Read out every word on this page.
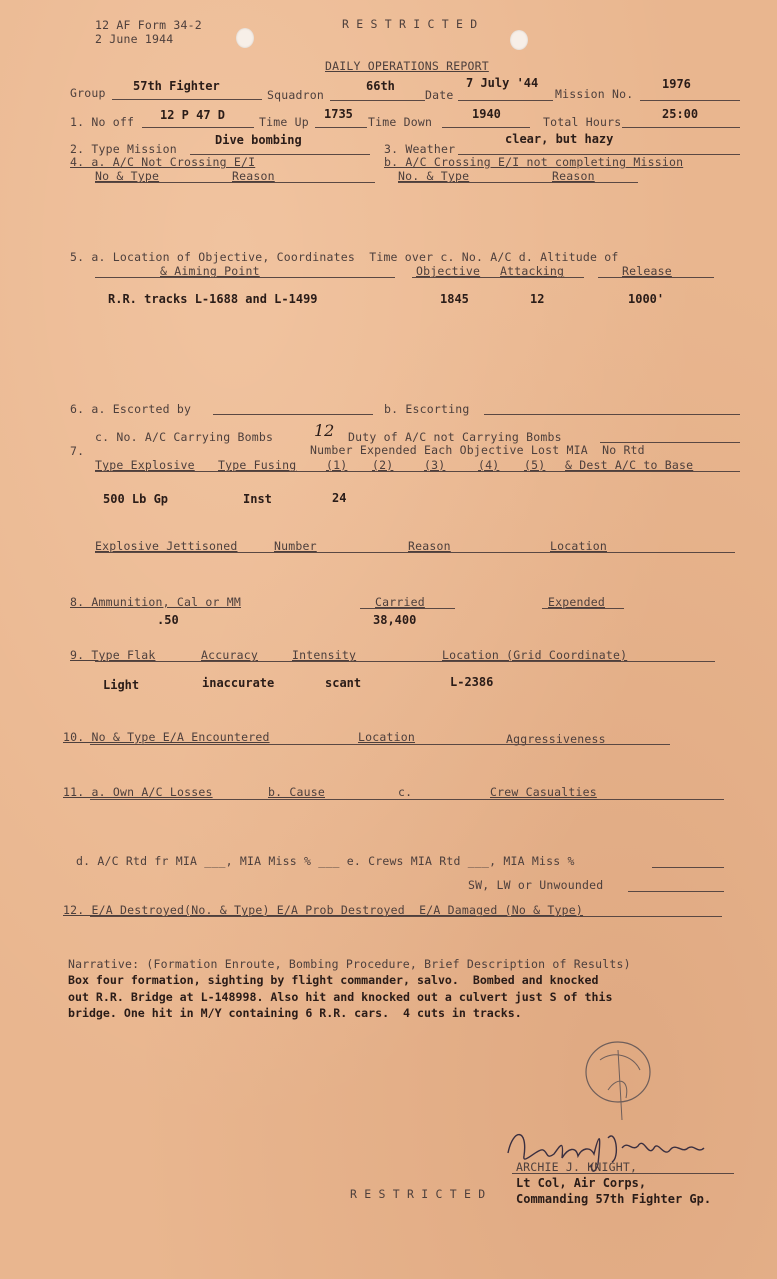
12 AF Form 34-2
2 June 1944
R E S T R I C T E D
DAILY OPERATIONS REPORT
Group 57th Fighter
Squadron
66th
Date
7 July '44
Mission No.
1976
1. No off 12 P 47 D	Time Up
1735
Time Down
1940
Total Hours
25:00
2. Type Mission
Dive bombing
3. Weather
clear, but hazy
4. a. A/C Not Crossing E/I	b. A/C Crossing E/I not completing Mission
No & Type	Reason	No. & Type	Reason
5. a. Location of Objective, Coordinates  Time over c. No. A/C d. Altitude of
& Aiming Point	Objective Attacking	Release
R.R. tracks L-1688 and L-1499	1845	12	1000'
6. a. Escorted by	b. Escorting
c. No. A/C Carrying Bombs	12 Duty of A/C not Carrying Bombs
7.	Number Expended Each Objective Lost MIA  No Rtd
Type Explosive Type Fusing	(1) (2)	(3)	(4) (5) & Dest A/C to Base
500 Lb Gp	Inst	24
Explosive Jettisoned	Number	Reason	Location
8. Ammunition, Cal or MM	Carried	Expended
.50	38,400
9. Type Flak	Accuracy	Intensity	Location (Grid Coordinate)
Light	inaccurate	scant	L-2386
10. No & Type E/A Encountered	Location	Aggressiveness
11. a. Own A/C Losses	b. Cause	c.	Crew Casualties
d. A/C Rtd fr MIA ___, MIA Miss % ___ e. Crews MIA Rtd ___, MIA Miss %
SW, LW or Unwounded
12. E/A Destroyed(No. & Type) E/A Prob Destroyed  E/A Damaged (No & Type)
Narrative: (Formation Enroute, Bombing Procedure, Brief Description of Results)
Box four formation, sighting by flight commander, salvo.  Bombed and knocked
out R.R. Bridge at L-148998. Also hit and knocked out a culvert just S of this
bridge. One hit in M/Y containing 6 R.R. cars.  4 cuts in tracks.
ARCHIE J. KNIGHT,
Lt Col, Air Corps,
Commanding 57th Fighter Gp.
R E S T R I C T E D
